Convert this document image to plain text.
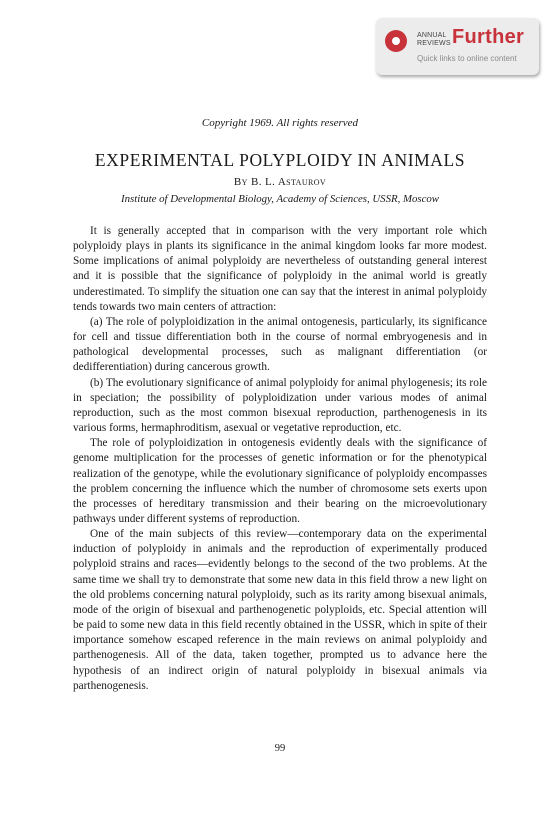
ANNUAL
REVIEWS Further
Quick links to online content
Copyright 1969. All rights reserved
EXPERIMENTAL POLYPLOIDY IN ANIMALS
By B. L. Astaurov
Institute of Developmental Biology, Academy of Sciences, USSR, Moscow

It is generally accepted that in comparison with the very important role which polyploidy plays in plants its significance in the animal kingdom looks far more modest. Some implications of animal polyploidy are nevertheless of outstanding general interest and it is possible that the significance of polyploidy in the animal world is greatly underestimated. To simplify the situation one can say that the interest in animal polyploidy tends towards two main centers of attraction:

(a) The role of polyploidization in the animal ontogenesis, particularly, its significance for cell and tissue differentiation both in the course of normal embryogenesis and in pathological developmental processes, such as malignant differentiation (or dedifferentiation) during cancerous growth.

(b) The evolutionary significance of animal polyploidy for animal phylogenesis; its role in speciation; the possibility of polyploidization under various modes of animal reproduction, such as the most common bisexual reproduction, parthenogenesis in its various forms, hermaphroditism, asexual or vegetative reproduction, etc.

The role of polyploidization in ontogenesis evidently deals with the significance of genome multiplication for the processes of genetic information or for the phenotypical realization of the genotype, while the evolutionary significance of polyploidy encompasses the problem concerning the influence which the number of chromosome sets exerts upon the processes of hereditary transmission and their bearing on the microevolutionary pathways under different systems of reproduction.

One of the main subjects of this review—contemporary data on the experimental induction of polyploidy in animals and the reproduction of experimentally produced polyploid strains and races—evidently belongs to the second of the two problems. At the same time we shall try to demonstrate that some new data in this field throw a new light on the old problems concerning natural polyploidy, such as its rarity among bisexual animals, mode of the origin of bisexual and parthenogenetic polyploids, etc. Special attention will be paid to some new data in this field recently obtained in the USSR, which in spite of their importance somehow escaped reference in the main reviews on animal polyploidy and parthenogenesis. All of the data, taken together, prompted us to advance here the hypothesis of an indirect origin of natural polyploidy in bisexual animals via parthenogenesis.

99
